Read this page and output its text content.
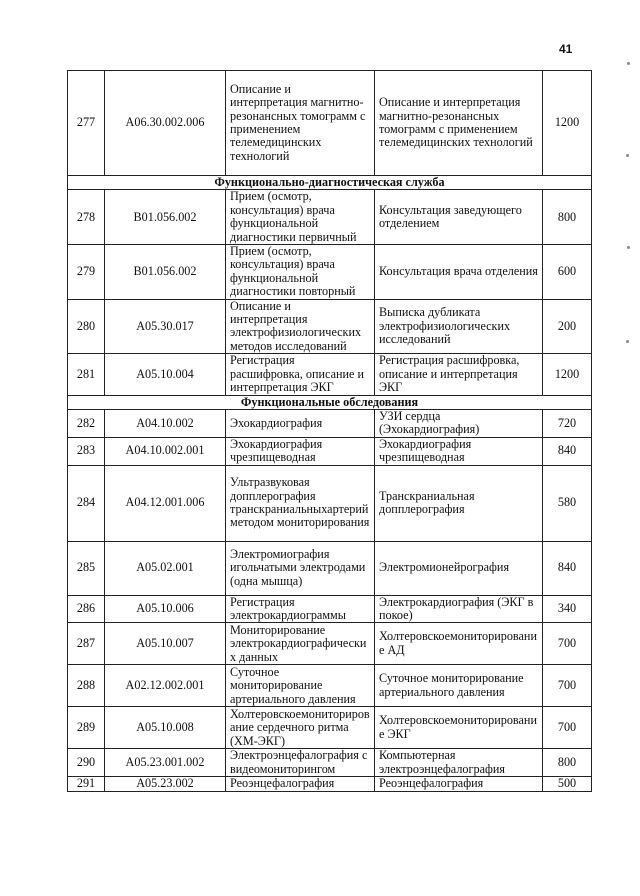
41
277	A06.30.002.006	Описание и интерпретация магнитно-резонансных томограмм с применением телемедицинских технологий	Описание и интерпретация магнитно-резонансных томограмм с применением телемедицинских технологий	1200
Функционально-диагностическая служба				
278	B01.056.002	Прием (осмотр, консультация) врача функциональной диагностики первичный	Консультация заведующего отделением	800
279	B01.056.002	Прием (осмотр, консультация) врача функциональной диагностики повторный	Консультация врача отделения	600
280	A05.30.017	Описание и интерпретация электрофизиологических методов исследований	Выписка дубликата электрофизиологических исследований	200
281	A05.10.004	Регистрация расшифровка, описание и интерпретация ЭКГ	Регистрация расшифровка, описание и интерпретация ЭКГ	1200
Функциональные обследования				
282	A04.10.002	Эхокардиография	УЗИ сердца (Эхокардиография)	720
283	A04.10.002.001	Эхокардиография чрезпищеводная	Эхокардиография чрезпищеводная	840
284	A04.12.001.006	Ультразвуковая допплерография транскраниальныхартерий методом мониторирования	Транскраниальная допплерография	580
285	A05.02.001	Электромиография игольчатыми электродами (одна мышца)	Электромионейрография	840
286	A05.10.006	Регистрация электрокардиограммы	Электрокардиография (ЭКГ в покое)	340
287	A05.10.007	Мониторирование электрокардиографических данных	Холтеровскоемониторирование АД	700
288	A02.12.002.001	Суточное мониторирование артериального давления	Суточное мониторирование артериального давления	700
289	A05.10.008	Холтеровскоемониторирование сердечного ритма (ХМ-ЭКГ)	Холтеровскоемониторирование ЭКГ	700
290	A05.23.001.002	Электроэнцефалография с видеомониторингом	Компьютерная электроэнцефалография	800
291	A05.23.002	Реоэнцефалография	Реоэнцефалография	500
